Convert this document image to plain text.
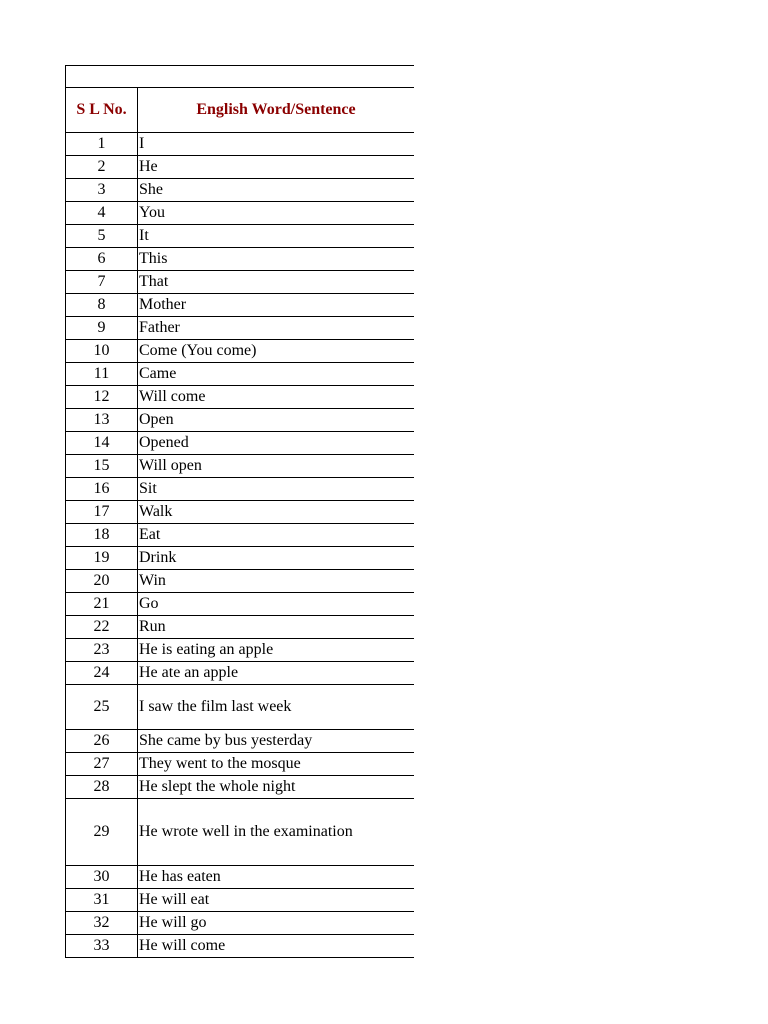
S L No.	English Word/Sentence
1	I
2	He
3	She
4	You
5	It
6	This
7	That
8	Mother
9	Father
10	Come (You come)
11	Came
12	Will come
13	Open
14	Opened
15	Will open
16	Sit
17	Walk
18	Eat
19	Drink
20	Win
21	Go
22	Run
23	He is eating an apple
24	He ate an apple
25	I saw the film last week
26	She came by bus yesterday
27	They went to the mosque
28	He slept the whole night
29	He wrote well in the examination
30	He has eaten
31	He will eat
32	He will go
33	He will come
